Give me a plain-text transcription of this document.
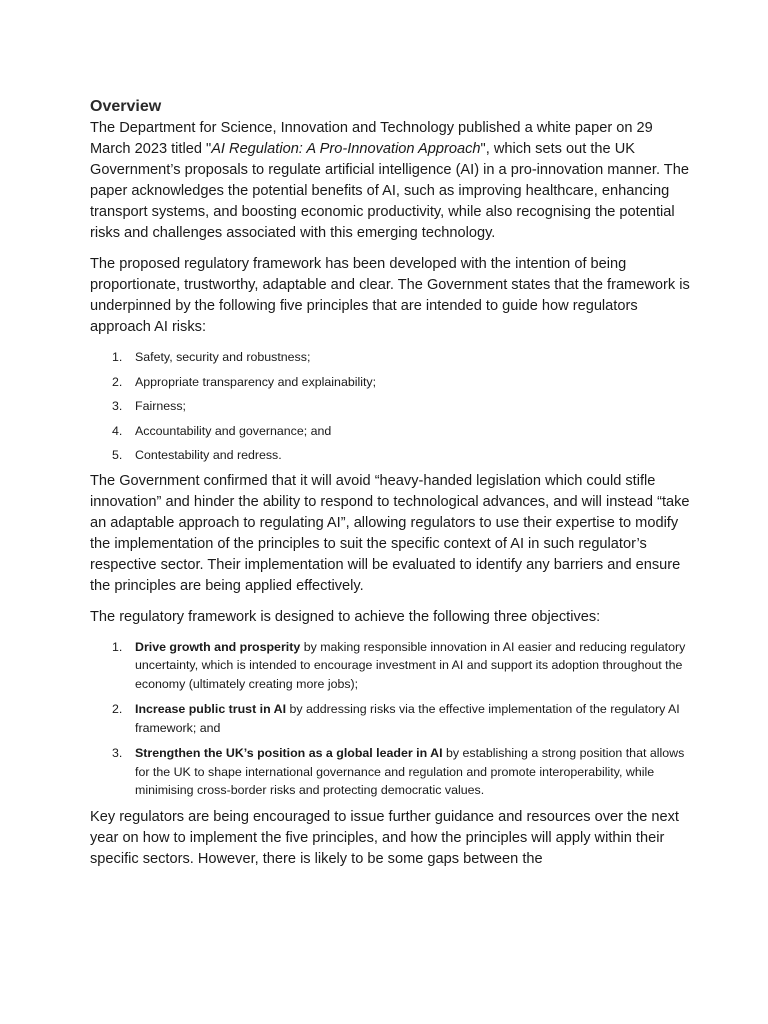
Overview

The Department for Science, Innovation and Technology published a white paper on 29 March 2023 titled "AI Regulation: A Pro-Innovation Approach", which sets out the UK Government’s proposals to regulate artificial intelligence (AI) in a pro-innovation manner. The paper acknowledges the potential benefits of AI, such as improving healthcare, enhancing transport systems, and boosting economic productivity, while also recognising the potential risks and challenges associated with this emerging technology.

The proposed regulatory framework has been developed with the intention of being proportionate, trustworthy, adaptable and clear. The Government states that the framework is underpinned by the following five principles that are intended to guide how regulators approach AI risks:

1. Safety, security and robustness;
2. Appropriate transparency and explainability;
3. Fairness;
4. Accountability and governance; and
5. Contestability and redress.

The Government confirmed that it will avoid “heavy-handed legislation which could stifle innovation” and hinder the ability to respond to technological advances, and will instead “take an adaptable approach to regulating AI”, allowing regulators to use their expertise to modify the implementation of the principles to suit the specific context of AI in such regulator’s respective sector. Their implementation will be evaluated to identify any barriers and ensure the principles are being applied effectively.

The regulatory framework is designed to achieve the following three objectives:

1. Drive growth and prosperity by making responsible innovation in AI easier and reducing regulatory uncertainty, which is intended to encourage investment in AI and support its adoption throughout the economy (ultimately creating more jobs);
2. Increase public trust in AI by addressing risks via the effective implementation of the regulatory AI framework; and
3. Strengthen the UK’s position as a global leader in AI by establishing a strong position that allows for the UK to shape international governance and regulation and promote interoperability, while minimising cross-border risks and protecting democratic values.

Key regulators are being encouraged to issue further guidance and resources over the next year on how to implement the five principles, and how the principles will apply within their specific sectors. However, there is likely to be some gaps between the
